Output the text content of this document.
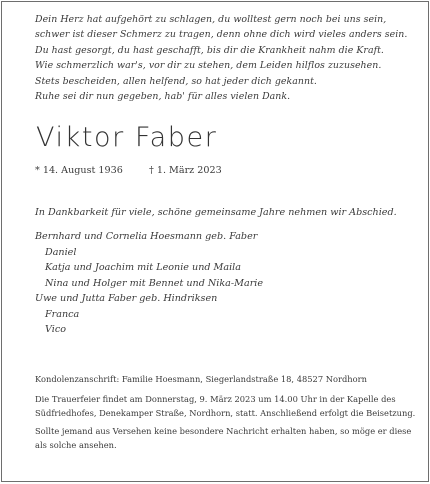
Dein Herz hat aufgehört zu schlagen, du wolltest gern noch bei uns sein,
schwer ist dieser Schmerz zu tragen, denn ohne dich wird vieles anders sein.
Du hast gesorgt, du hast geschafft, bis dir die Krankheit nahm die Kraft.
Wie schmerzlich war's, vor dir zu stehen, dem Leiden hilflos zuzusehen.
Stets bescheiden, allen helfend, so hat jeder dich gekannt.
Ruhe sei dir nun gegeben, hab' für alles vielen Dank.
Viktor Faber
* 14. August 1936	† 1. März 2023
In Dankbarkeit für viele, schöne gemeinsame Jahre nehmen wir Abschied.
Bernhard und Cornelia Hoesmann geb. Faber
Daniel
Katja und Joachim mit Leonie und Maila
Nina und Holger mit Bennet und Nika-Marie
Uwe und Jutta Faber geb. Hindriksen
Franca
Vico
Kondolenzanschrift: Familie Hoesmann, Siegerlandstraße 18, 48527 Nordhorn
Die Trauerfeier findet am Donnerstag, 9. März 2023 um 14.00 Uhr in der Kapelle des Südfriedhofes, Denekamper Straße, Nordhorn, statt. Anschließend erfolgt die Beisetzung.
Sollte jemand aus Versehen keine besondere Nachricht erhalten haben, so möge er diese als solche ansehen.
